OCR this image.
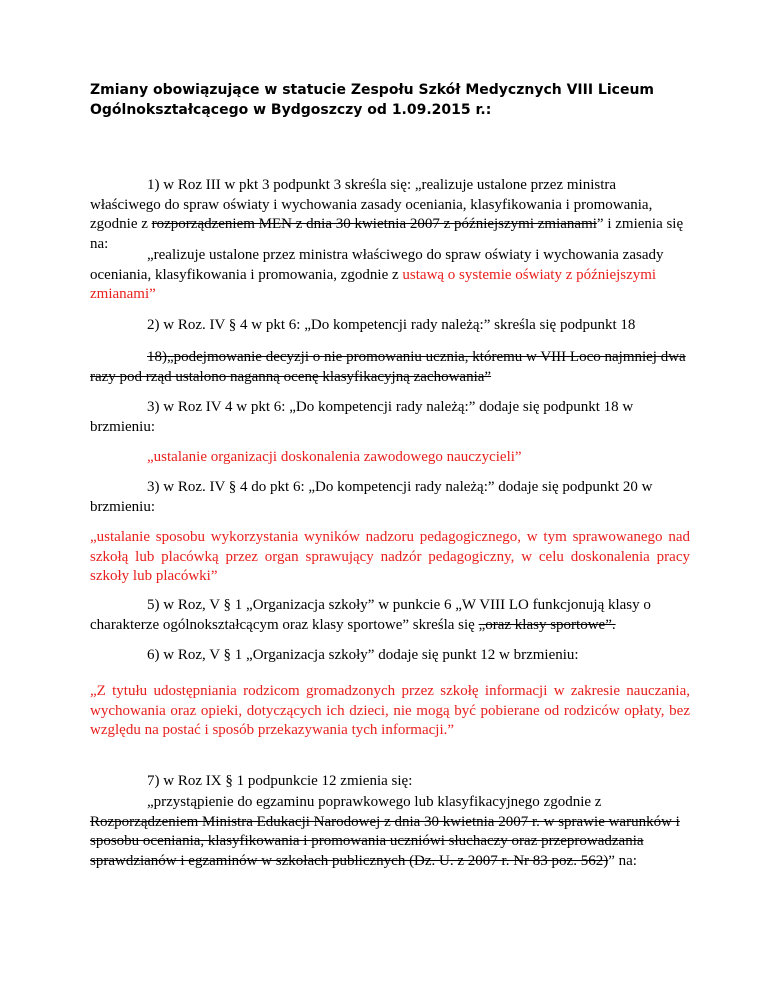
Zmiany obowiązujące w statucie Zespołu Szkół Medycznych VIII Liceum Ogólnokształcącego w Bydgoszczy od 1.09.2015 r.:

1) w Roz III w pkt 3 podpunkt 3 skreśla się: „realizuje ustalone przez ministra właściwego do spraw oświaty i wychowania zasady oceniania, klasyfikowania i promowania, zgodnie z rozporządzeniem MEN z dnia 30 kwietnia 2007 z późniejszymi zmianami” i zmienia się na:

„realizuje ustalone przez ministra właściwego do spraw oświaty i wychowania zasady oceniania, klasyfikowania i promowania, zgodnie z ustawą o systemie oświaty z późniejszymi zmianami”

2) w Roz. IV § 4 w pkt 6: „Do kompetencji rady należą:” skreśla się podpunkt 18

18)„podejmowanie decyzji o nie promowaniu ucznia, któremu w VIII Loco najmniej dwa razy pod rząd ustalono naganną ocenę klasyfikacyjną zachowania”

3) w Roz IV 4 w pkt 6: „Do kompetencji rady należą:” dodaje się podpunkt 18 w brzmieniu:

„ustalanie organizacji doskonalenia zawodowego nauczycieli”

3) w Roz. IV § 4 do pkt 6: „Do kompetencji rady należą:” dodaje się podpunkt 20 w brzmieniu:

„ustalanie sposobu wykorzystania wyników nadzoru pedagogicznego, w tym sprawowanego nad szkołą lub placówką przez organ sprawujący nadzór pedagogiczny, w celu doskonalenia pracy szkoły lub placówki”

5) w Roz, V § 1 „Organizacja szkoły” w punkcie 6 „W VIII LO funkcjonują klasy o charakterze ogólnokształcącym oraz klasy sportowe” skreśla się „oraz klasy sportowe”.

6) w Roz, V § 1 „Organizacja szkoły” dodaje się punkt 12 w brzmieniu:

„Z tytułu udostępniania rodzicom gromadzonych przez szkołę informacji w zakresie nauczania, wychowania oraz opieki, dotyczących ich dzieci, nie mogą być pobierane od rodziców opłaty, bez względu na postać i sposób przekazywania tych informacji.”

7) w Roz IX § 1 podpunkcie 12 zmienia się:

„przystąpienie do egzaminu poprawkowego lub klasyfikacyjnego zgodnie z Rozporządzeniem Ministra Edukacji Narodowej z dnia 30 kwietnia 2007 r. w sprawie warunków i sposobu oceniania, klasyfikowania i promowania uczniówi słuchaczy oraz przeprowadzania sprawdzianów i egzaminów w szkołach publicznych (Dz. U. z 2007 r. Nr 83 poz. 562)” na:
